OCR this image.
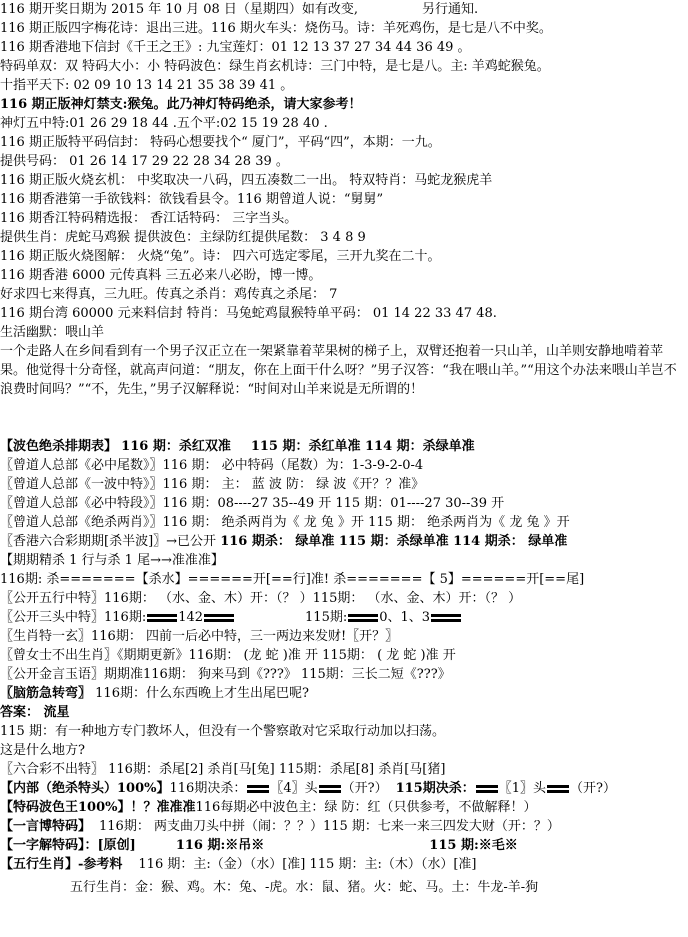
116 期开奖日期为 2015 年 10 月 08 日（星期四）如有改变,	另行通知.
116 期正版四字梅花诗：退出三进。116 期火车头：烧伤马。诗：羊死鸡伤，是七是八不中奖。
116 期香港地下信封《千王之王》: 九宝莲灯：01 12 13 37 27 34 44 36 49 。
特码单双：双 特码大小：小 特码波色：绿生肖玄机诗：三门中特，是七是八。主: 羊鸡蛇猴兔。
十指平天下: 02 09 10 13 14 21 35 38 39 41 。
116 期正版神灯禁支:猴兔。此乃神灯特码绝杀，请大家参考！
神灯五中特:01 26 29 18 44 .五个平:02 15 19 28 40 .
116 期正版特平码信封： 特码心想要找个“ 厦门”，平码“四”，本期：一九。
提供号码： 01 26 14 17 29 22 28 34 28 39 。
116 期正版火烧玄机： 中奖取决一八码，四五凑数二一出。 特双特肖：马蛇龙猴虎羊
116 期香港第一手欲钱料：欲钱看县令。116 期曾道人说：“舅舅”
116 期香江特码精选报： 香江话特码： 三字当头。
提供生肖：虎蛇马鸡猴 提供波色：主绿防红提供尾数： 3 4 8 9
116 期正版火烧图解： 火烧“兔”。诗： 四六可选定零尾，三开九奖在二十。
116 期香港 6000 元传真料 三五必来八必盼，博一博。
好求四七来得真，三九旺。传真之杀肖：鸡传真之杀尾： 7
116 期台湾 60000 元来料信封 特肖：马兔蛇鸡鼠猴特单平码： 01 14 22 33 47 48.
生活幽默：喂山羊
一个走路人在乡间看到有一个男子汉正立在一架紧靠着苹果树的梯子上，双臂还抱着一只山羊，山羊则安静地啃着苹果。他觉得十分奇怪，就高声问道：“朋友，你在上面干什么呀？”男子汉答：“我在喂山羊。”“用这个办法来喂山羊岂不浪费时间吗？”“不，先生，”男子汉解释说：“时间对山羊来说是无所谓的！
【波色绝杀排期表】 116 期：杀红双准 115 期：杀红单准 114 期：杀绿单准
〖曾道人总部《必中尾数》〗116 期： 必中特码（尾数）为：1-3-9-2-0-4
〖曾道人总部《一波中特》〗116 期： 主： 蓝 波 防： 绿 波《开？？准》
〖曾道人总部《必中特段》〗116 期：08----27 35--49 开 115 期：01----27 30--39 开
〖曾道人总部《绝杀两肖》〗116 期： 绝杀两肖为《 龙 兔 》开 115 期： 绝杀两肖为《 龙 兔 》开
〖香港六合彩期期[杀半波]〗→已公开 116 期杀： 绿单准 115 期：杀绿单准 114 期杀： 绿单准
【期期精杀 1 行与杀 1 尾→→准准准】
116期: 杀=======【杀水】======开[==行]准! 杀=======【 5】======开[==尾]
〖公开五行中特〗116期： （水、金、木）开：（？ ）115期： （水、金、木）开：（？ ）
〖公开三头中特〗116期: 142	115期: 0、1、3
〖生肖特一玄〗116期： 四前一后必中特，三一两边来发财!〖开？〗
〖曾女士不出生肖〗《期期更新》116期： (龙 蛇 )准 开 115期： ( 龙 蛇 )准 开
〖公开金言玉语〗期期准116期： 狗来马到《???》 115期：三长二短《???》
〖脑筋急转弯〗 116期：什么东西晚上才生出尾巴呢?
答案： 流星
115 期：有一种地方专门教坏人，但没有一个警察敢对它采取行动加以扫荡。
这是什么地方?
〖六合彩不出特〗 116期：杀尾[2] 杀肖[马[兔] 115期：杀尾[8] 杀肖[马[猪]
【内部（绝杀特头）100%】116期决杀： 〖4〗头 （开?） 115期决杀： 〖1〗头 （开?）
【特码波色王100%】！？准准准116每期必中波色主：绿 防：红（只供参考，不做解释！）
【一言博特码】 116期： 两支曲刀头中拼（闹：？？）115 期：七来一来三四发大财（开：？）
【一字解特码】：[原创]	116 期:※吊※	115 期:※毛※
【五行生肖】-参考料 116 期：主:（金）（水）[准] 115 期：主:（木）（水）[准]
五行生肖：金：猴、鸡。木：兔、-虎。水：鼠、猪。火：蛇、马。土：牛龙-羊-狗
